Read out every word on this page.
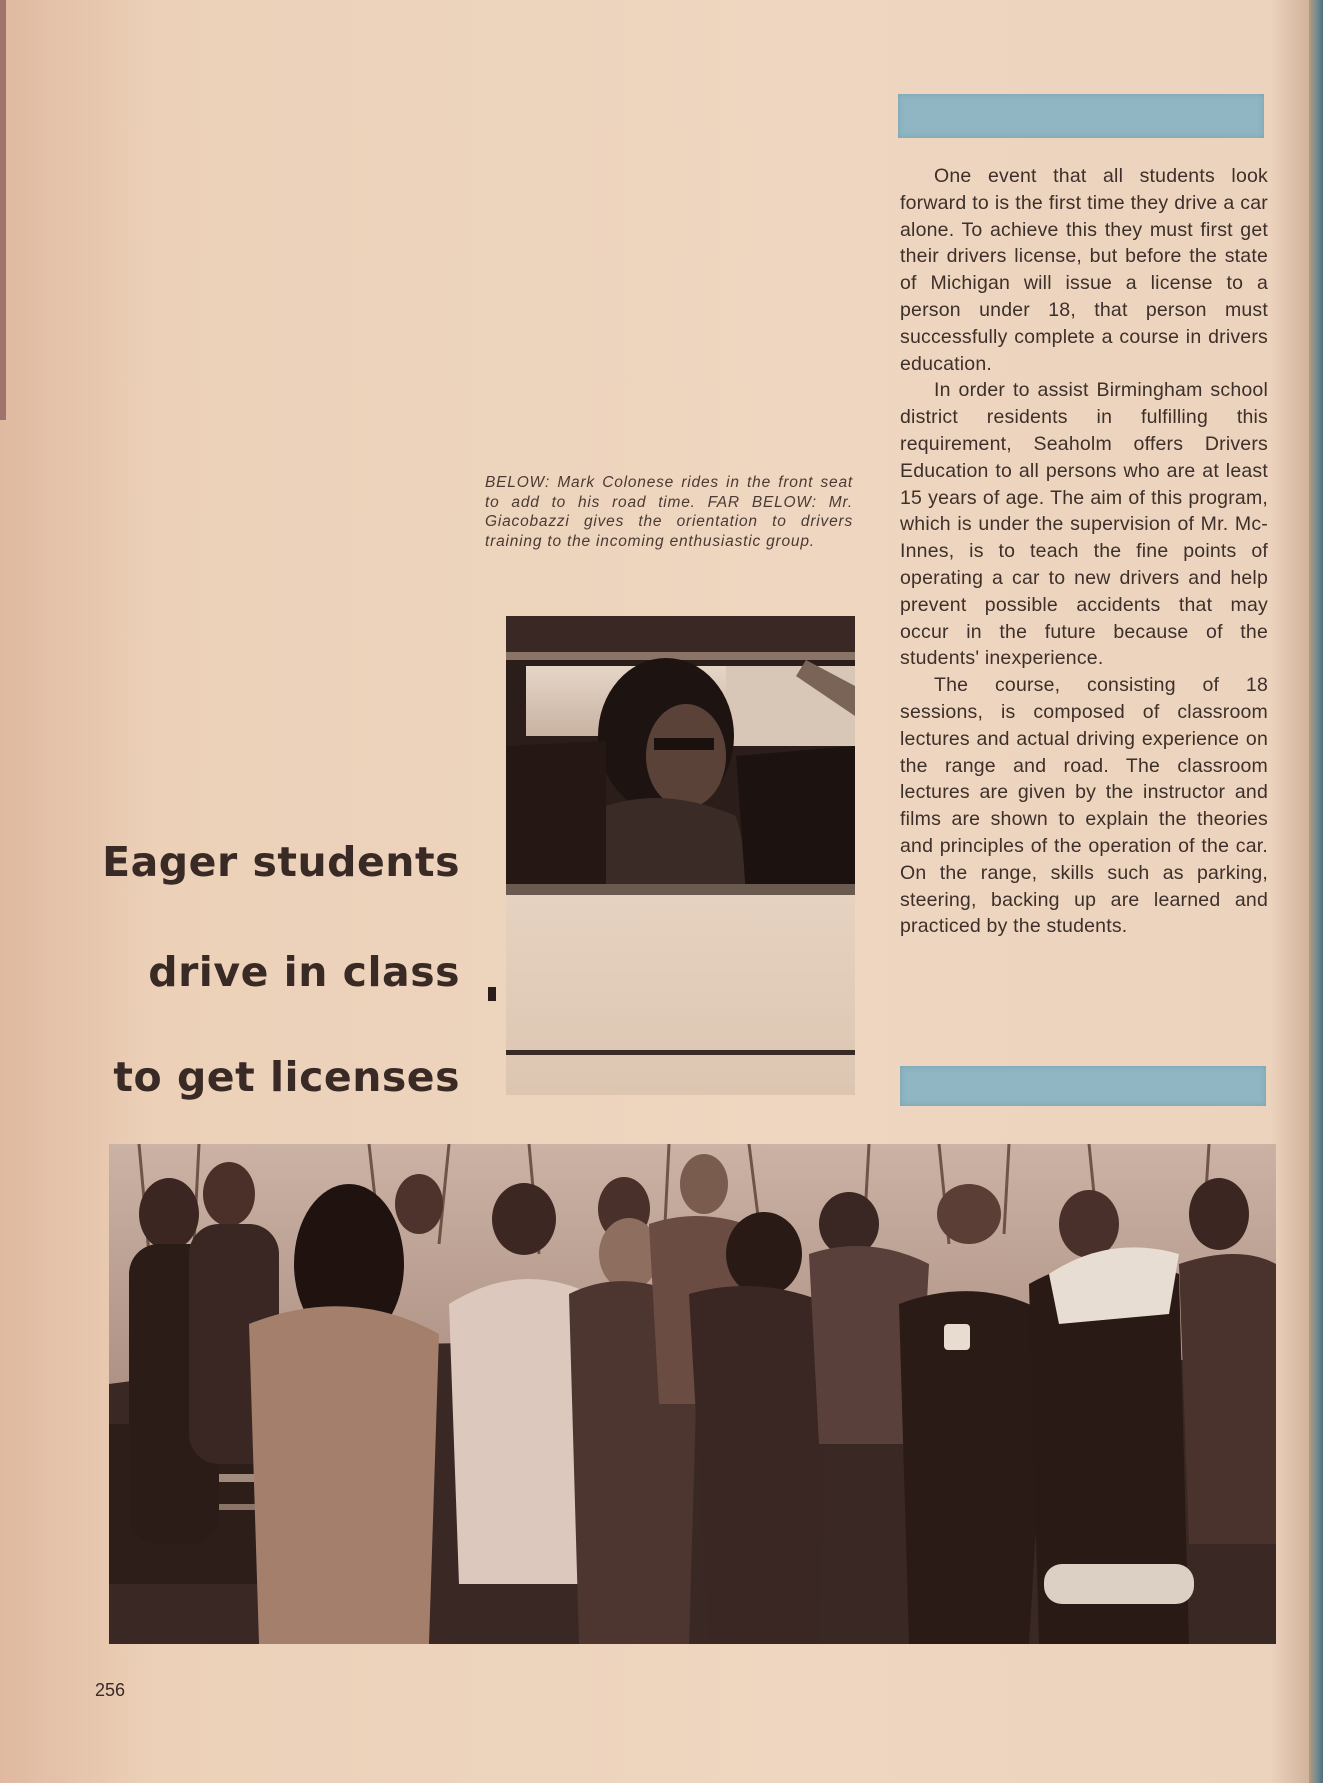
One event that all students look forward to is the first time they drive a car alone. To achieve this they must first get their drivers license, but before the state of Michigan will issue a license to a person under 18, that person must successfully complete a course in drivers education.

In order to assist Birmingham school district residents in fulfilling this requirement, Seaholm offers Drivers Education to all persons who are at least 15 years of age. The aim of this program, which is under the supervision of Mr. Mc-Innes, is to teach the fine points of operating a car to new drivers and help prevent possible accidents that may occur in the future because of the students' inexperience.

The course, consisting of 18 sessions, is composed of classroom lectures and actual driving experience on the range and road. The classroom lectures are given by the instructor and films are shown to explain the theories and principles of the operation of the car. On the range, skills such as parking, steering, backing up are learned and practiced by the students.

BELOW: Mark Colonese rides in the front seat to add to his road time. FAR BELOW: Mr. Giacobazzi gives the orientation to drivers training to the incoming enthusiastic group.
Eager students
drive in class
to get licenses
256
